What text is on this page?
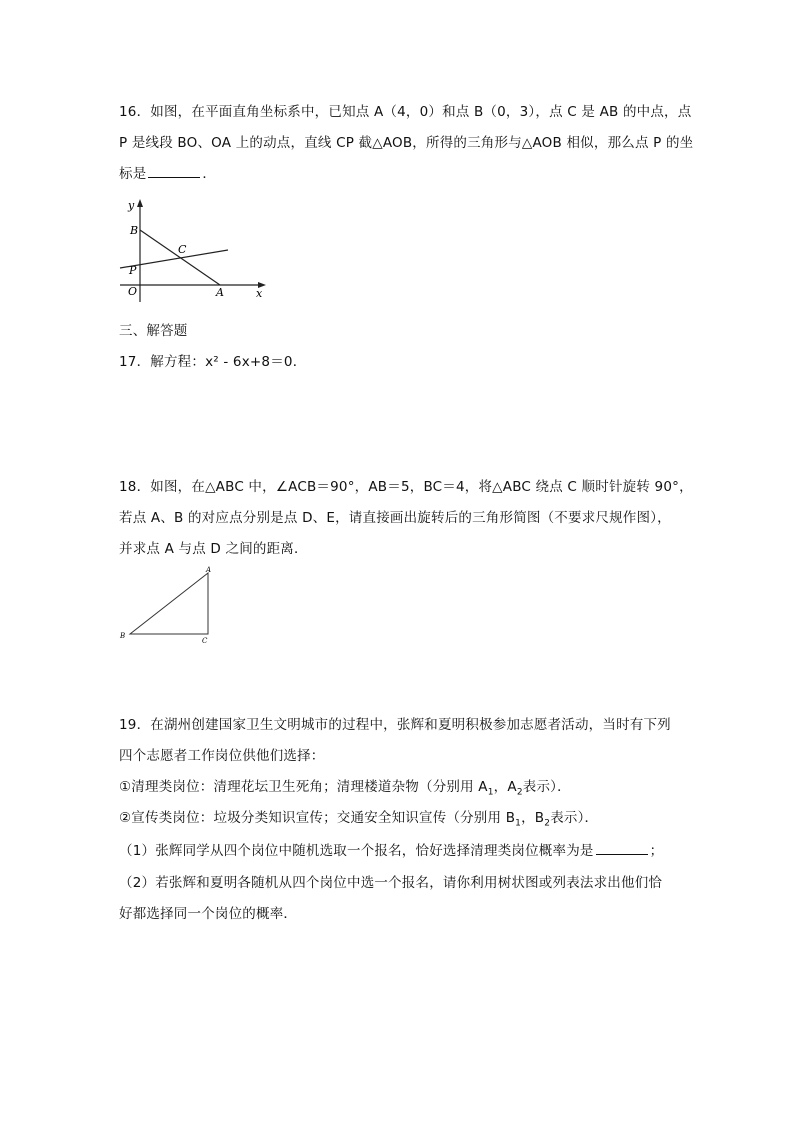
16．如图，在平面直角坐标系中，已知点 A（4，0）和点 B（0，3），点 C 是 AB 的中点，点
P 是线段 BO、OA 上的动点，直线 CP 截△AOB，所得的三角形与△AOB 相似，那么点 P 的坐
标是	．
y
B
C
P
O	A	x
三、解答题
17．解方程：x² - 6x+8＝0．
18．如图，在△ABC 中，∠ACB＝90°，AB＝5，BC＝4，将△ABC 绕点 C 顺时针旋转 90°，
若点 A、B 的对应点分别是点 D、E，请直接画出旋转后的三角形简图（不要求尺规作图），
并求点 A 与点 D 之间的距离．
A
B
C
19．在湖州创建国家卫生文明城市的过程中，张辉和夏明积极参加志愿者活动，当时有下列
四个志愿者工作岗位供他们选择：
①清理类岗位：清理花坛卫生死角；清理楼道杂物（分别用 $A_1$，$A_2$表示）．
②宣传类岗位：垃圾分类知识宣传；交通安全知识宣传（分别用 $B_1$，$B_2$表示）．
（1）张辉同学从四个岗位中随机选取一个报名，恰好选择清理类岗位概率为是	；
（2）若张辉和夏明各随机从四个岗位中选一个报名，请你利用树状图或列表法求出他们恰
好都选择同一个岗位的概率．
